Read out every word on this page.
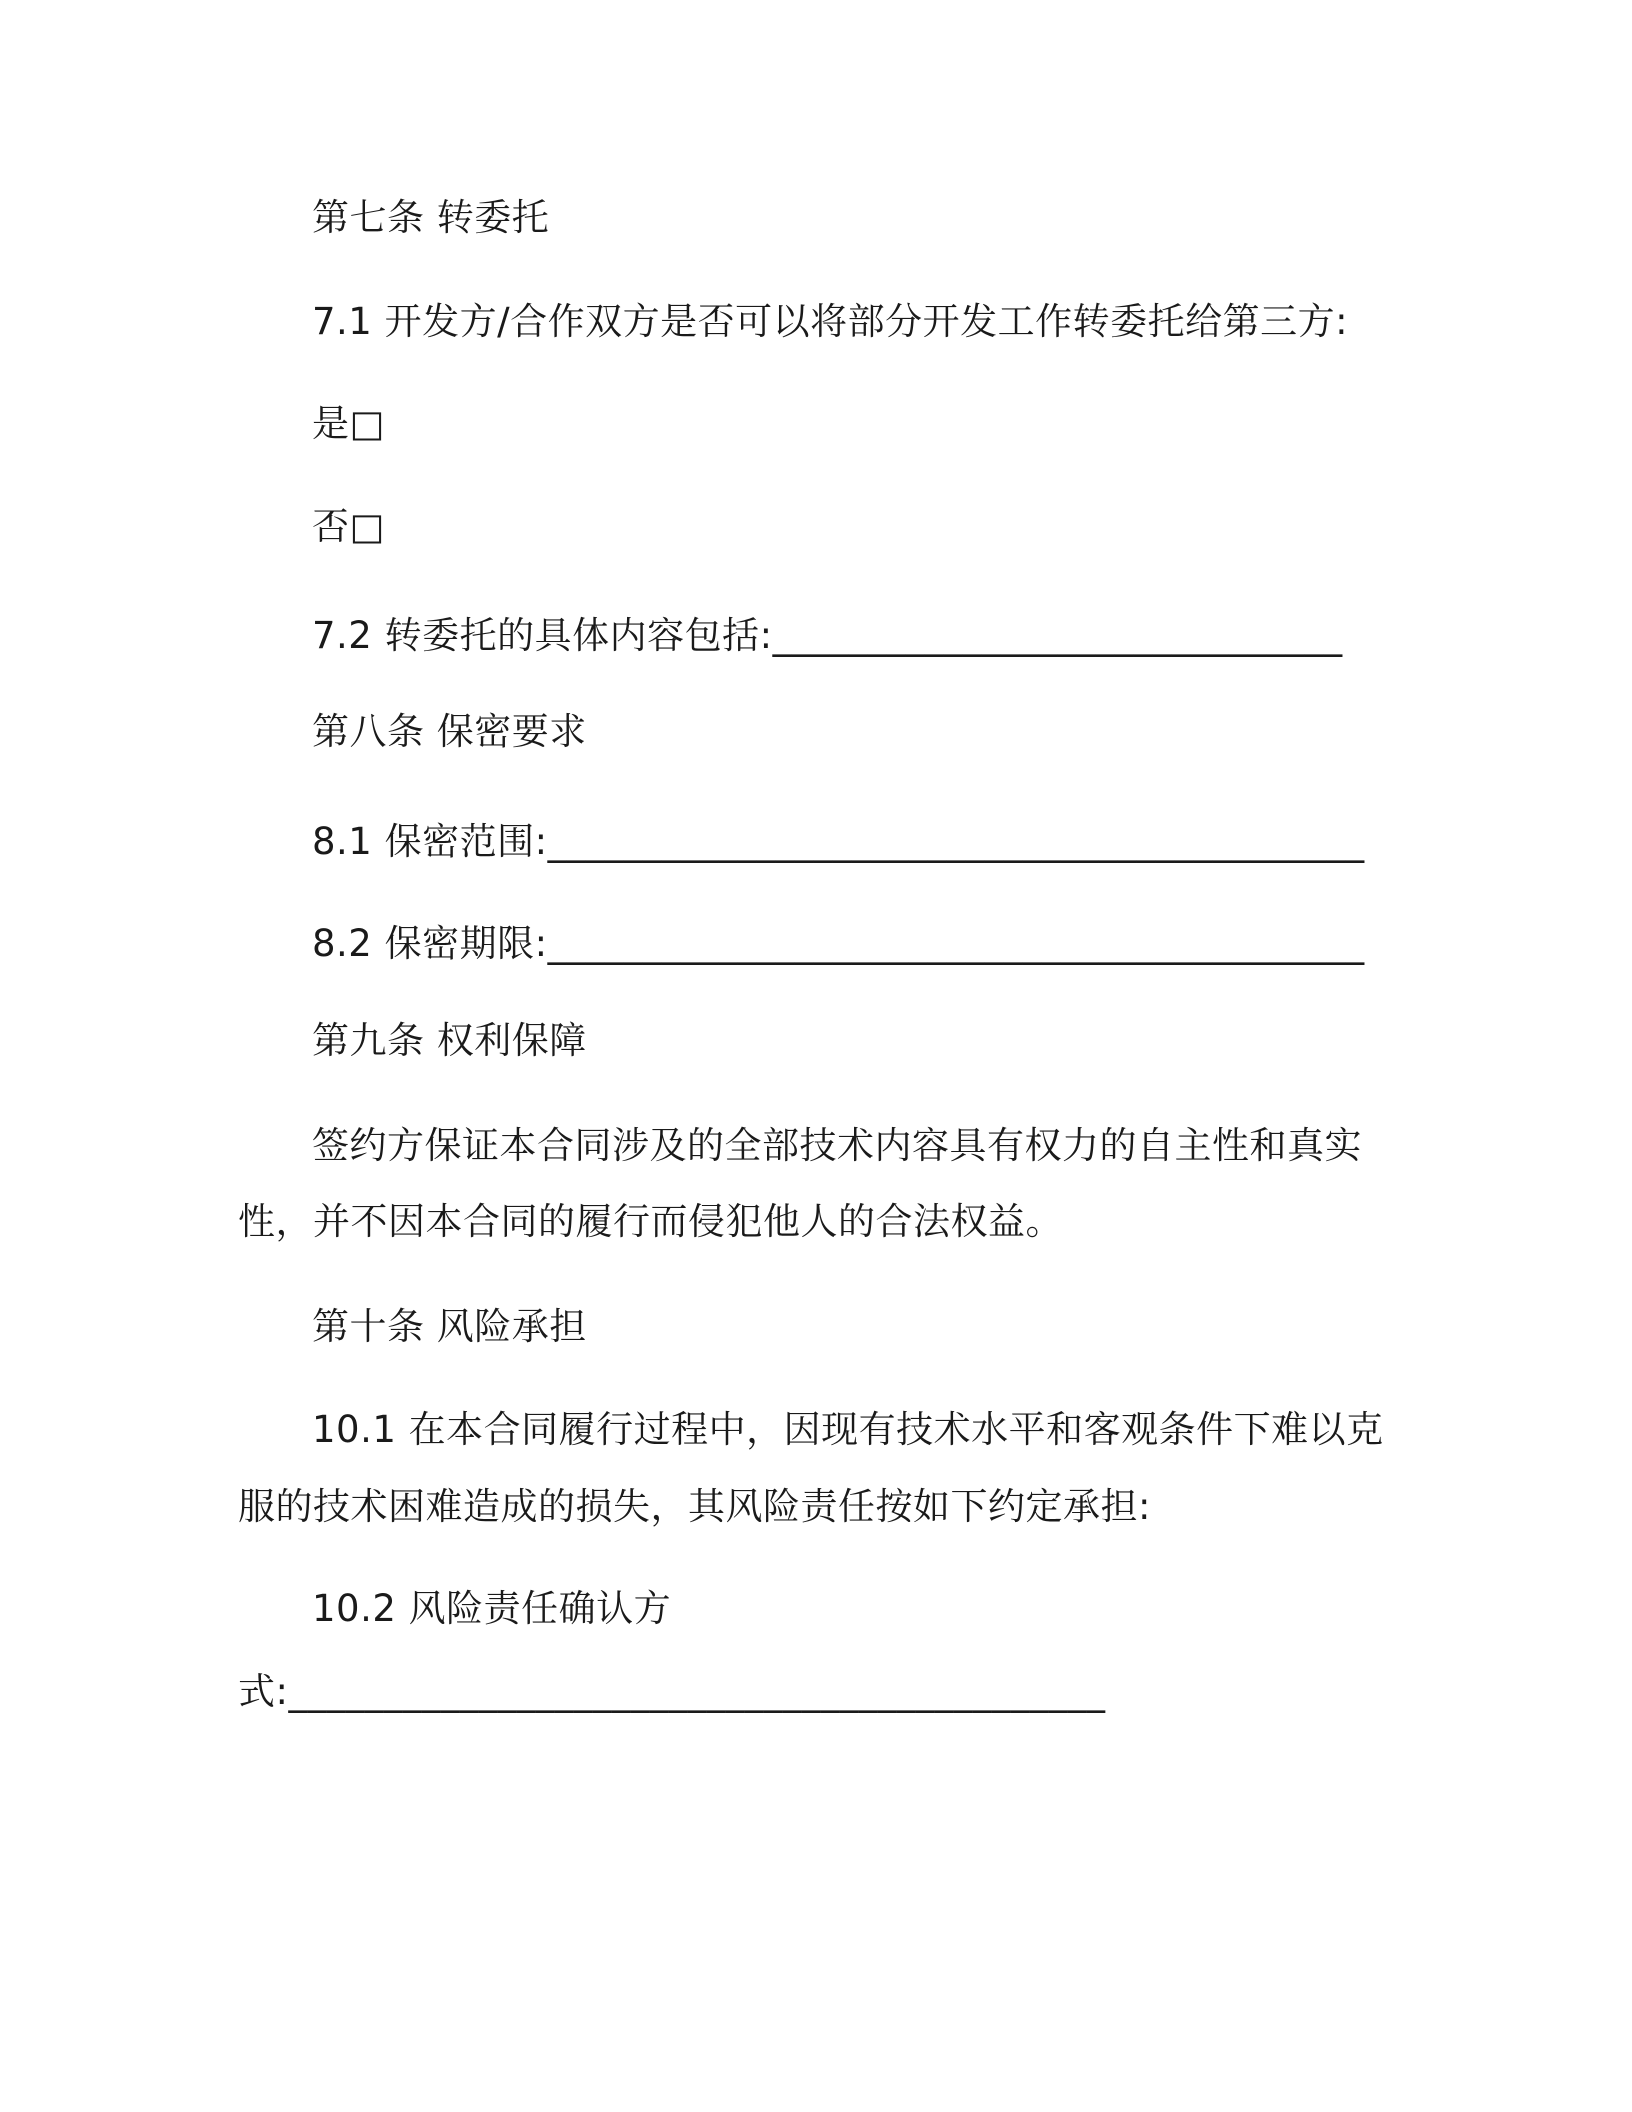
第七条 转委托
7.1 开发方/合作双方是否可以将部分开发工作转委托给第三方:
是□
否□
7.2 转委托的具体内容包括:______________________________
第八条 保密要求
8.1 保密范围:___________________________________________
8.2 保密期限:___________________________________________
第九条 权利保障
签约方保证本合同涉及的全部技术内容具有权力的自主性和真实
性，并不因本合同的履行而侵犯他人的合法权益。
第十条 风险承担
10.1 在本合同履行过程中，因现有技术水平和客观条件下难以克
服的技术困难造成的损失，其风险责任按如下约定承担:
10.2 风险责任确认方
式:___________________________________________
